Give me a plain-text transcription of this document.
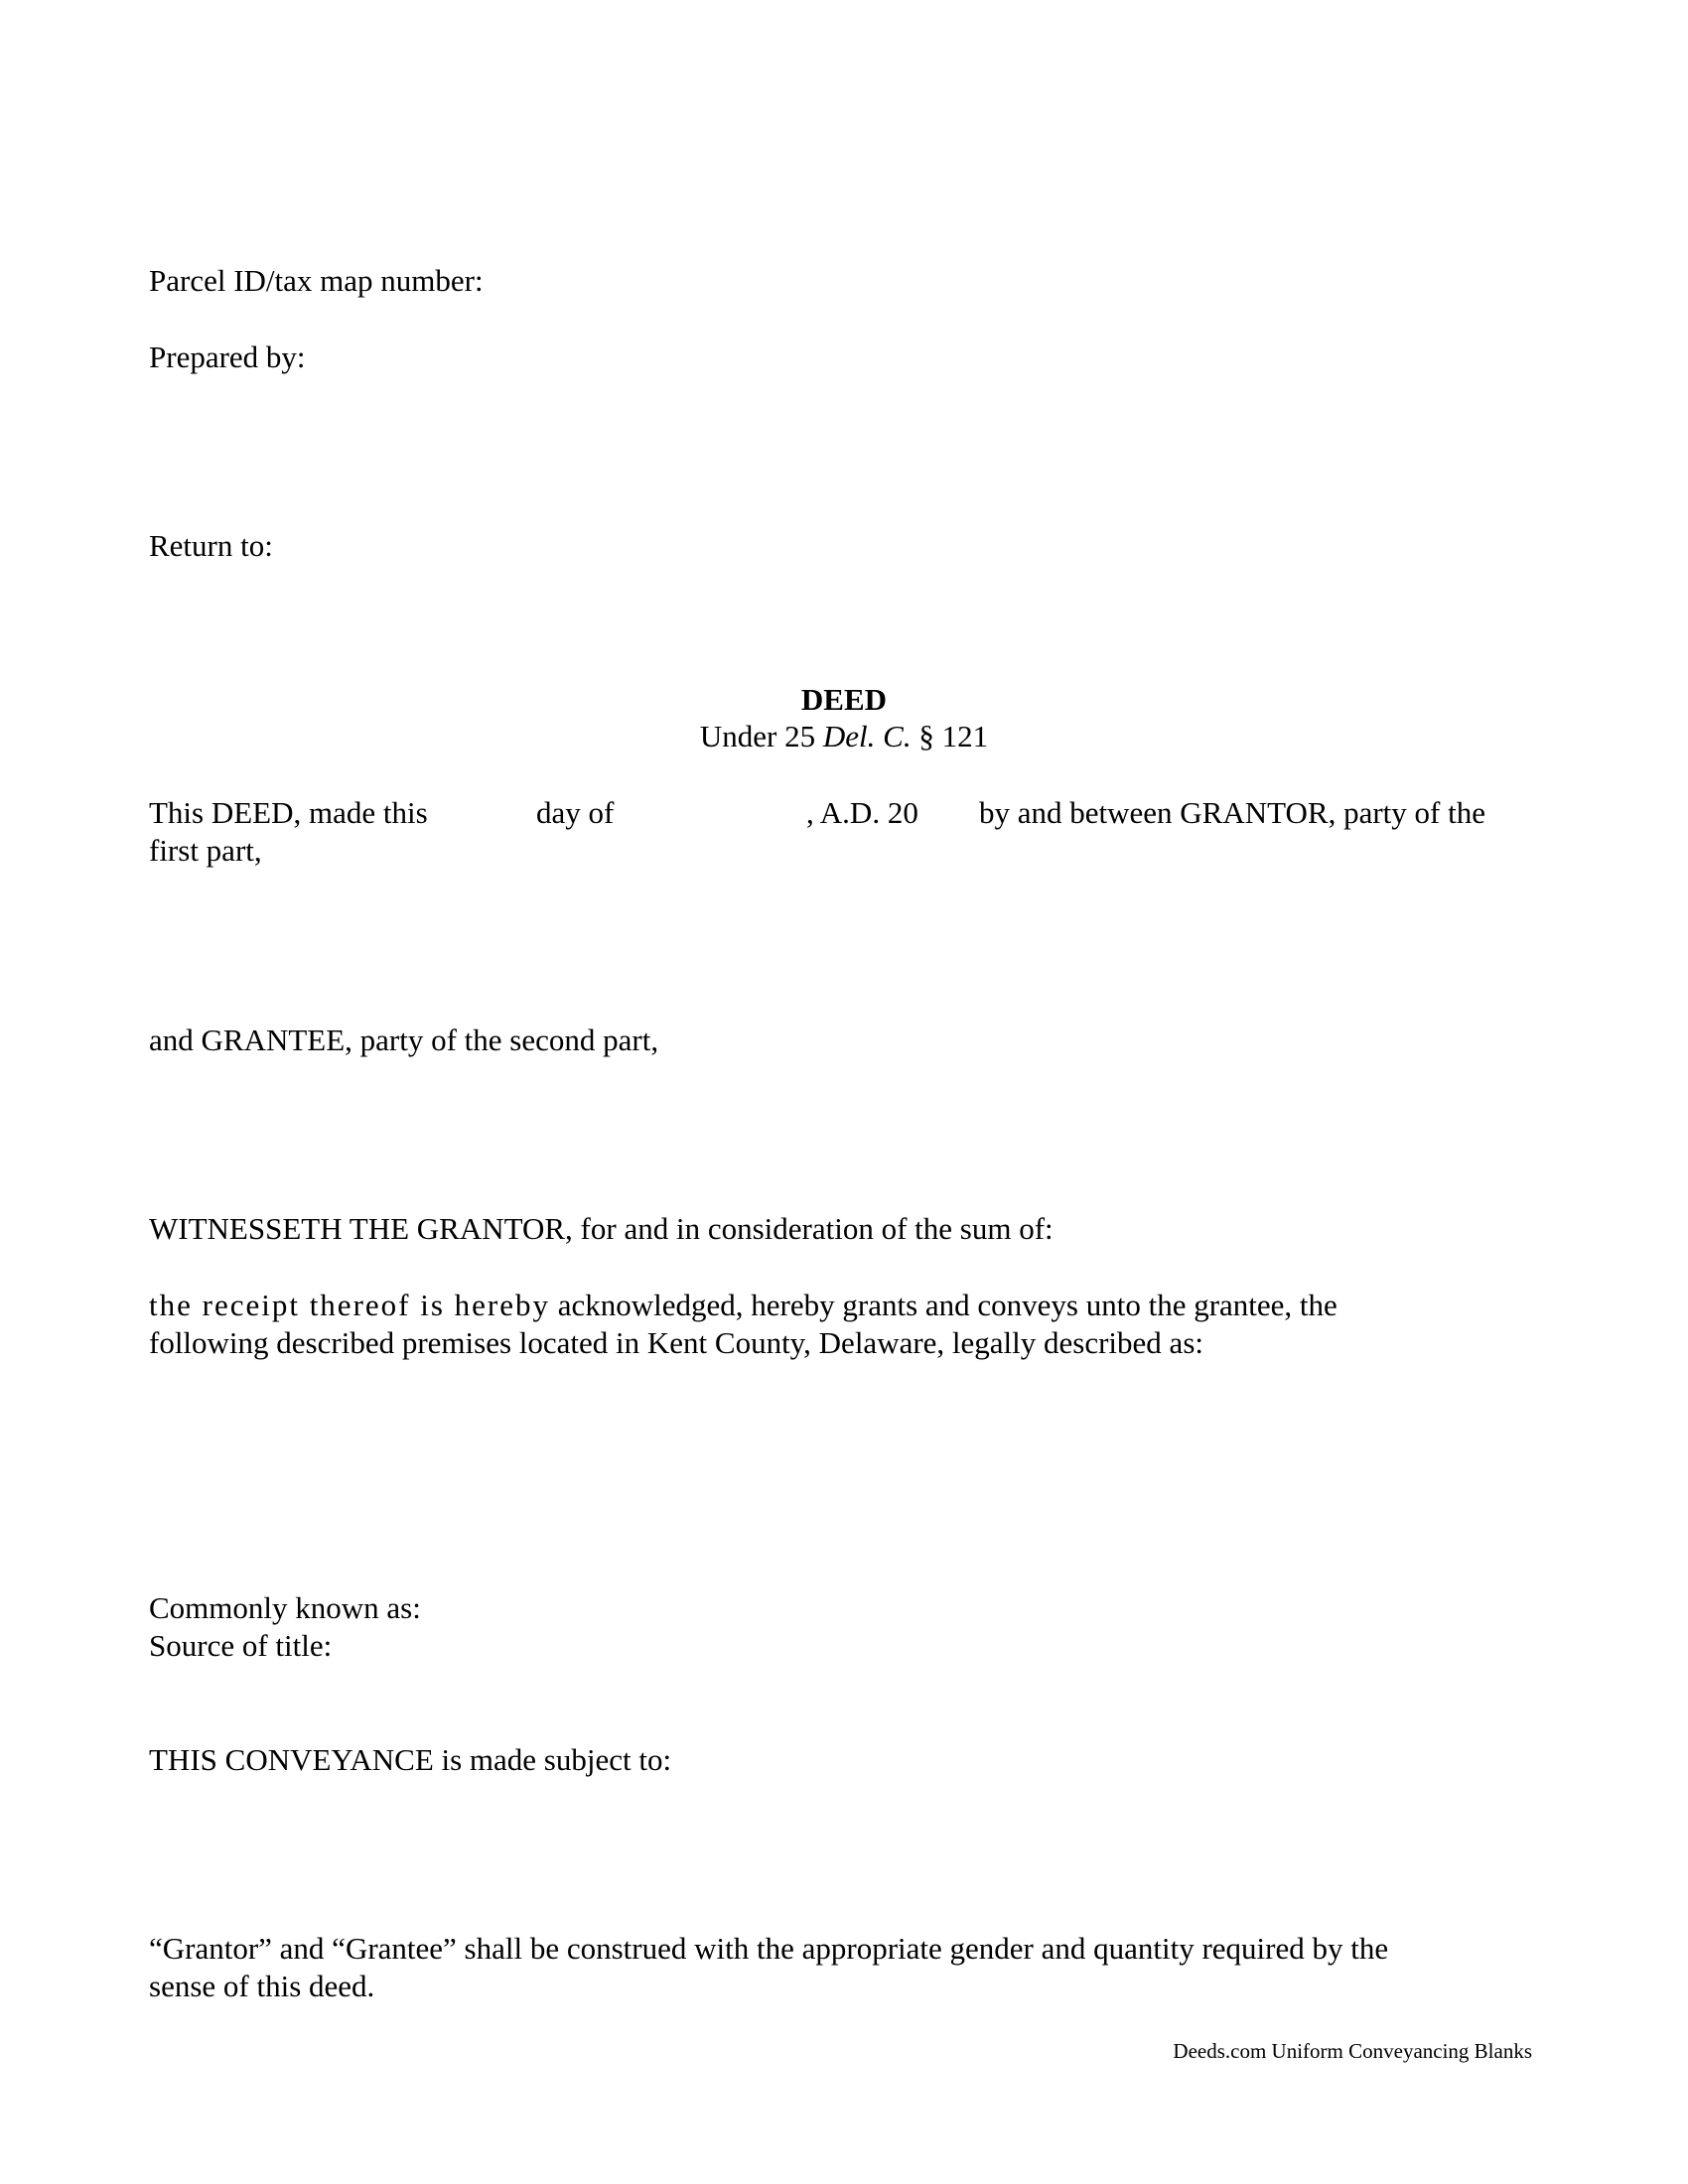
Parcel ID/tax map number:
Prepared by:
Return to:
DEED
Under 25 Del. C. § 121
This DEED, made this	day of	, A.D. 20 by and between GRANTOR, party of the
first part,
and GRANTEE, party of the second part,
WITNESSETH THE GRANTOR, for and in consideration of the sum of:
the receipt thereof is hereby acknowledged, hereby grants and conveys unto the grantee, the
following described premises located in Kent County, Delaware, legally described as:
Commonly known as:
Source of title:
THIS CONVEYANCE is made subject to:
“Grantor” and “Grantee” shall be construed with the appropriate gender and quantity required by the
sense of this deed.
Deeds.com Uniform Conveyancing Blanks
